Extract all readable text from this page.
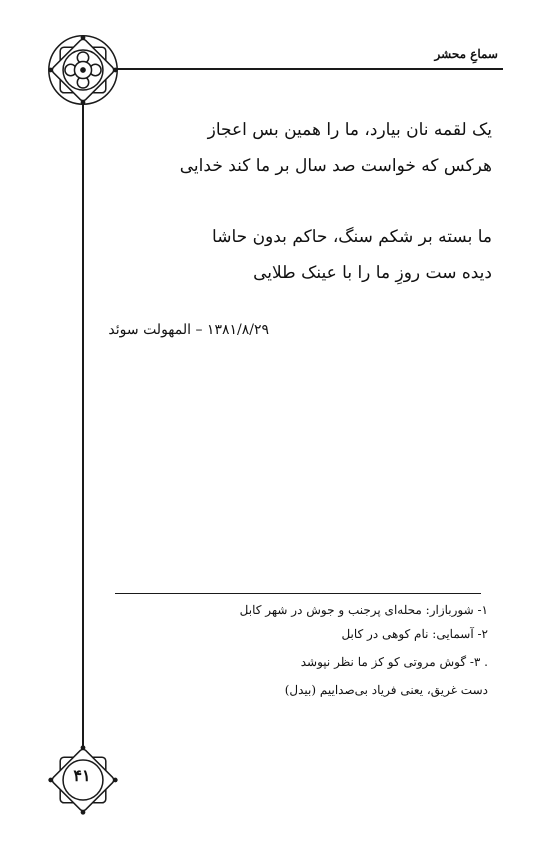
سماعِ محشر
یک لقمه نان بیارد، ما را همین بس اعجاز
هرکس که خواست صد سال بر ما کند خدایی
ما بسته بر شکم سنگ، حاکم بدون حاشا
دیده ست روزِ ما را با عینک طلایی
۱۳۸۱/۸/۲۹ – المهولت سوئد
۱- شوربازار: محله‌ای پرجنب و جوش در شهر کابل
۲- آسمایی: نام کوهی در کابل
. ۳- گوش مروتی کو کز ما نظر نپوشد
دست غریق، یعنی فریاد بی‌صداییم (بیدل)
۴۱
